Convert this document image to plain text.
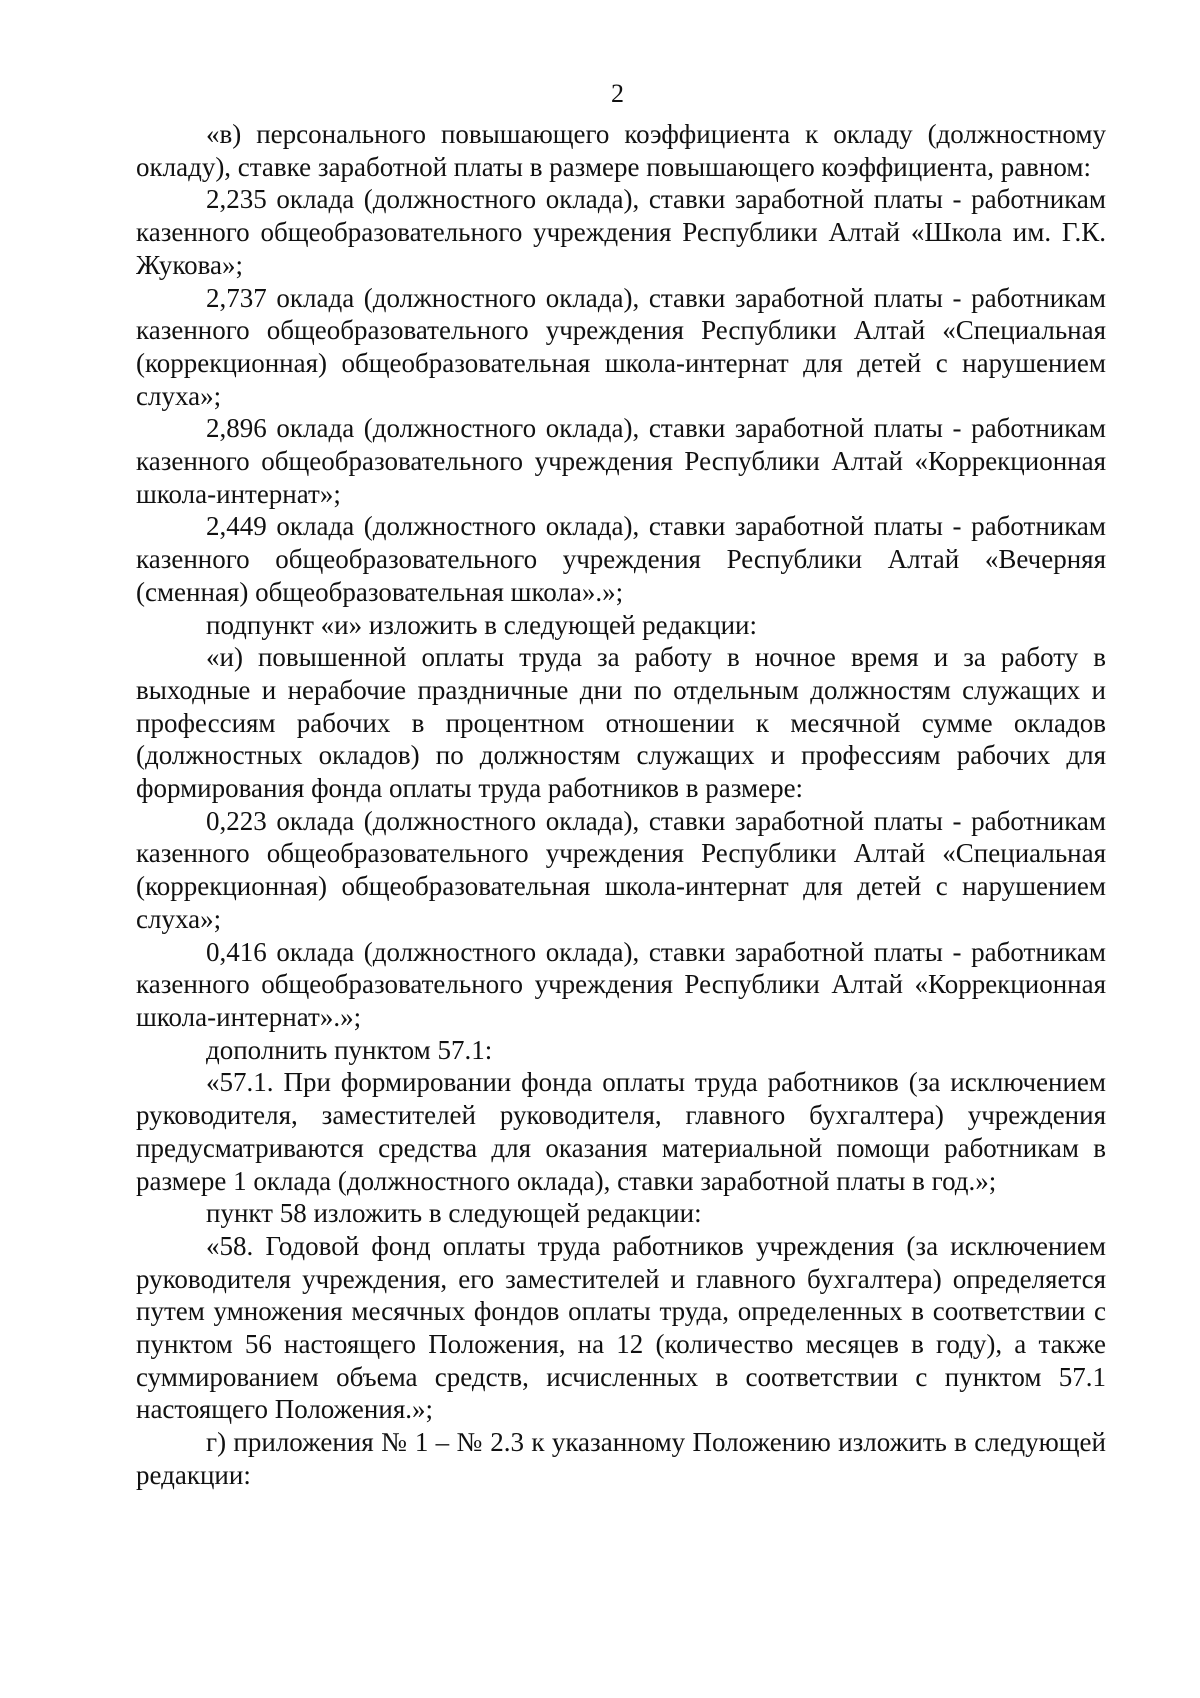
2

«в) персонального повышающего коэффициента к окладу (должностному окладу), ставке заработной платы в размере повышающего коэффициента, равном:

2,235 оклада (должностного оклада), ставки заработной платы - работникам казенного общеобразовательного учреждения Республики Алтай «Школа им. Г.К. Жукова»;

2,737 оклада (должностного оклада), ставки заработной платы - работникам казенного общеобразовательного учреждения Республики Алтай «Специальная (коррекционная) общеобразовательная школа-интернат для детей с нарушением слуха»;

2,896 оклада (должностного оклада), ставки заработной платы - работникам казенного общеобразовательного учреждения Республики Алтай «Коррекционная школа-интернат»;

2,449 оклада (должностного оклада), ставки заработной платы - работникам казенного общеобразовательного учреждения Республики Алтай «Вечерняя (сменная) общеобразовательная школа».»;

подпункт «и» изложить в следующей редакции:

«и) повышенной оплаты труда за работу в ночное время и за работу в выходные и нерабочие праздничные дни по отдельным должностям служащих и профессиям рабочих в процентном отношении к месячной сумме окладов (должностных окладов) по должностям служащих и профессиям рабочих для формирования фонда оплаты труда работников в размере:

0,223 оклада (должностного оклада), ставки заработной платы - работникам казенного общеобразовательного учреждения Республики Алтай «Специальная (коррекционная) общеобразовательная школа-интернат для детей с нарушением слуха»;

0,416 оклада (должностного оклада), ставки заработной платы - работникам казенного общеобразовательного учреждения Республики Алтай «Коррекционная школа-интернат».»;

дополнить пунктом 57.1:

«57.1. При формировании фонда оплаты труда работников (за исключением руководителя, заместителей руководителя, главного бухгалтера) учреждения предусматриваются средства для оказания материальной помощи работникам в размере 1 оклада (должностного оклада), ставки заработной платы в год.»;

пункт 58 изложить в следующей редакции:

«58. Годовой фонд оплаты труда работников учреждения (за исключением руководителя учреждения, его заместителей и главного бухгалтера) определяется путем умножения месячных фондов оплаты труда, определенных в соответствии с пунктом 56 настоящего Положения, на 12 (количество месяцев в году), а также суммированием объема средств, исчисленных в соответствии с пунктом 57.1 настоящего Положения.»;

г) приложения № 1 – № 2.3 к указанному Положению изложить в следующей редакции:
